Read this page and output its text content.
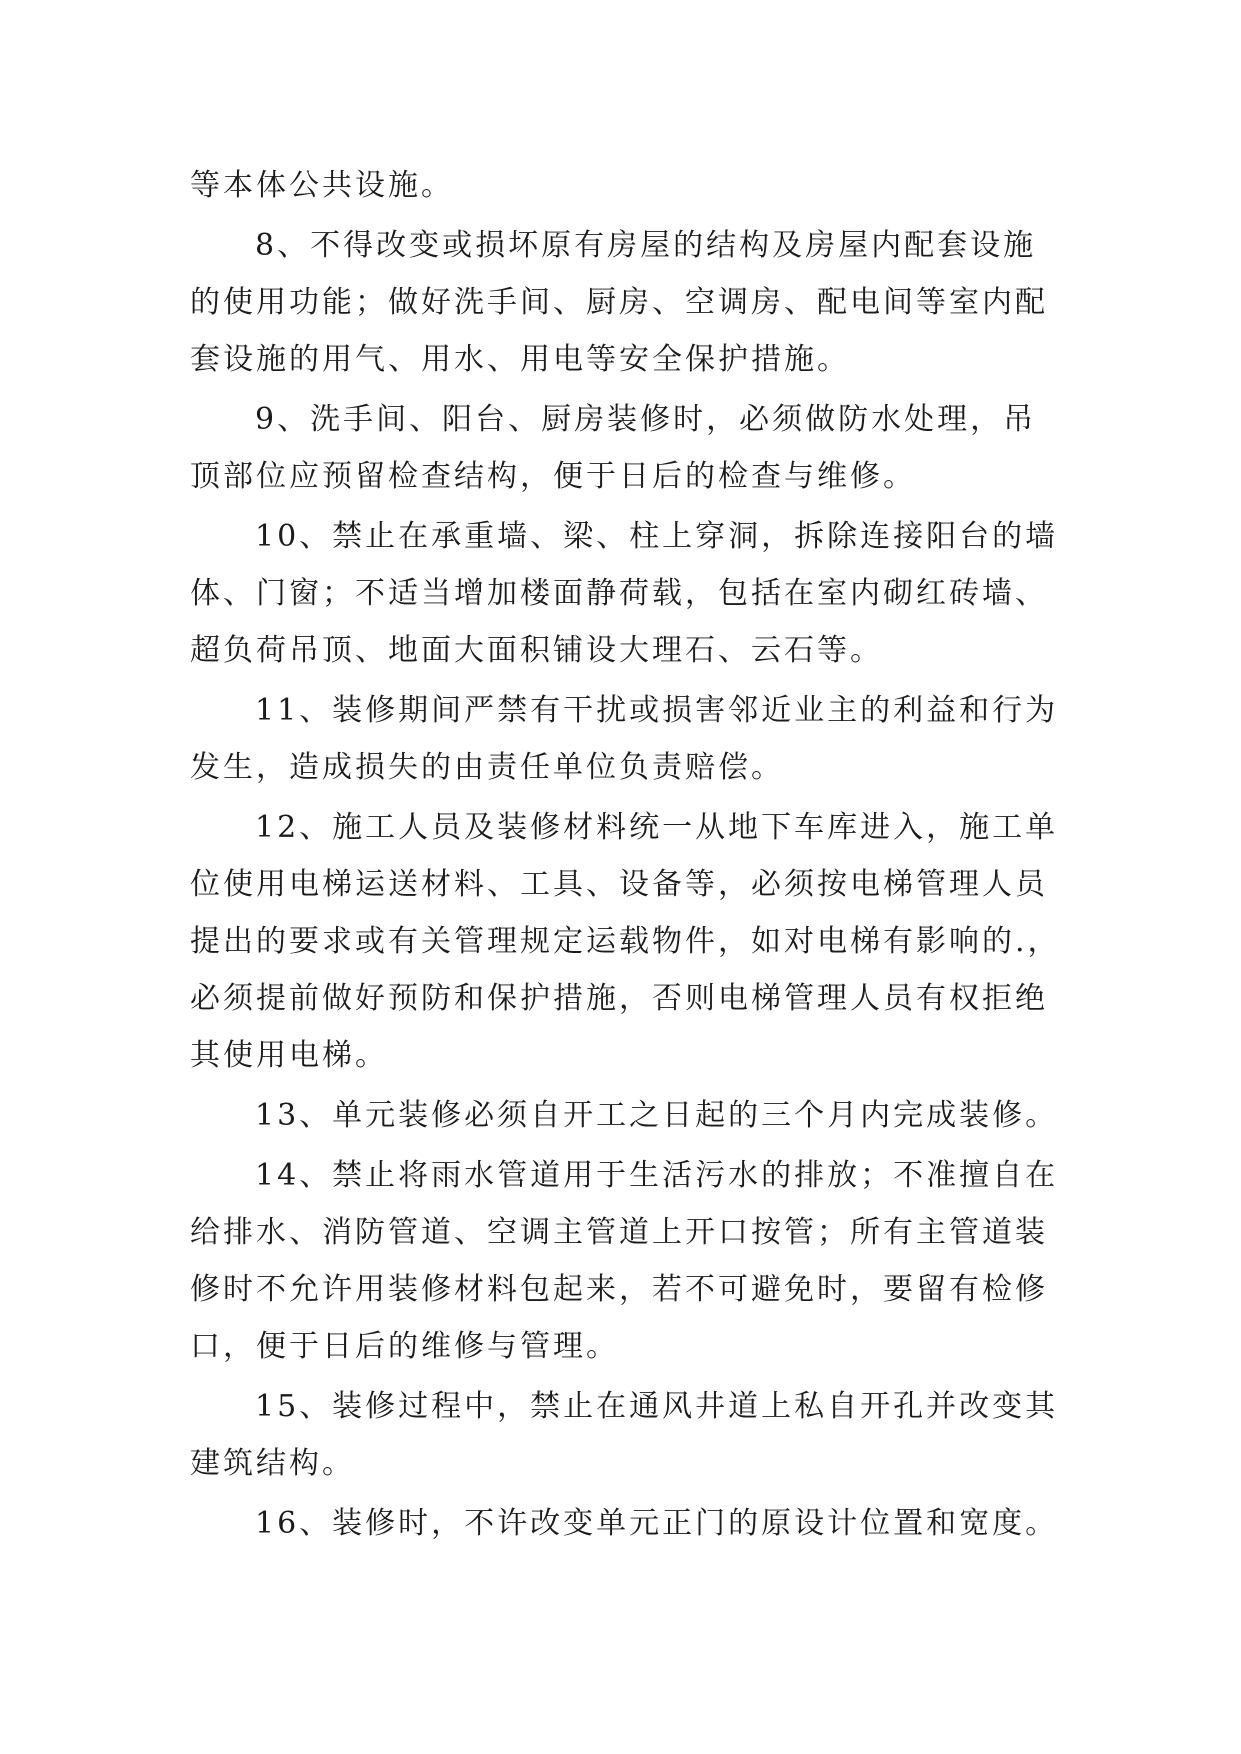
等本体公共设施。
8、不得改变或损坏原有房屋的结构及房屋内配套设施
的使用功能；做好洗手间、厨房、空调房、配电间等室内配
套设施的用气、用水、用电等安全保护措施。
9、洗手间、阳台、厨房装修时，必须做防水处理，吊
顶部位应预留检查结构，便于日后的检查与维修。
10、禁止在承重墙、梁、柱上穿洞，拆除连接阳台的墙
体、门窗；不适当增加楼面静荷载，包括在室内砌红砖墙、
超负荷吊顶、地面大面积铺设大理石、云石等。
11、装修期间严禁有干扰或损害邻近业主的利益和行为
发生，造成损失的由责任单位负责赔偿。
12、施工人员及装修材料统一从地下车库进入，施工单
位使用电梯运送材料、工具、设备等，必须按电梯管理人员
提出的要求或有关管理规定运载物件，如对电梯有影响的.，
必须提前做好预防和保护措施，否则电梯管理人员有权拒绝
其使用电梯。
13、单元装修必须自开工之日起的三个月内完成装修。
14、禁止将雨水管道用于生活污水的排放；不准擅自在
给排水、消防管道、空调主管道上开口按管；所有主管道装
修时不允许用装修材料包起来，若不可避免时，要留有检修
口，便于日后的维修与管理。
15、装修过程中，禁止在通风井道上私自开孔并改变其
建筑结构。
16、装修时，不许改变单元正门的原设计位置和宽度。
